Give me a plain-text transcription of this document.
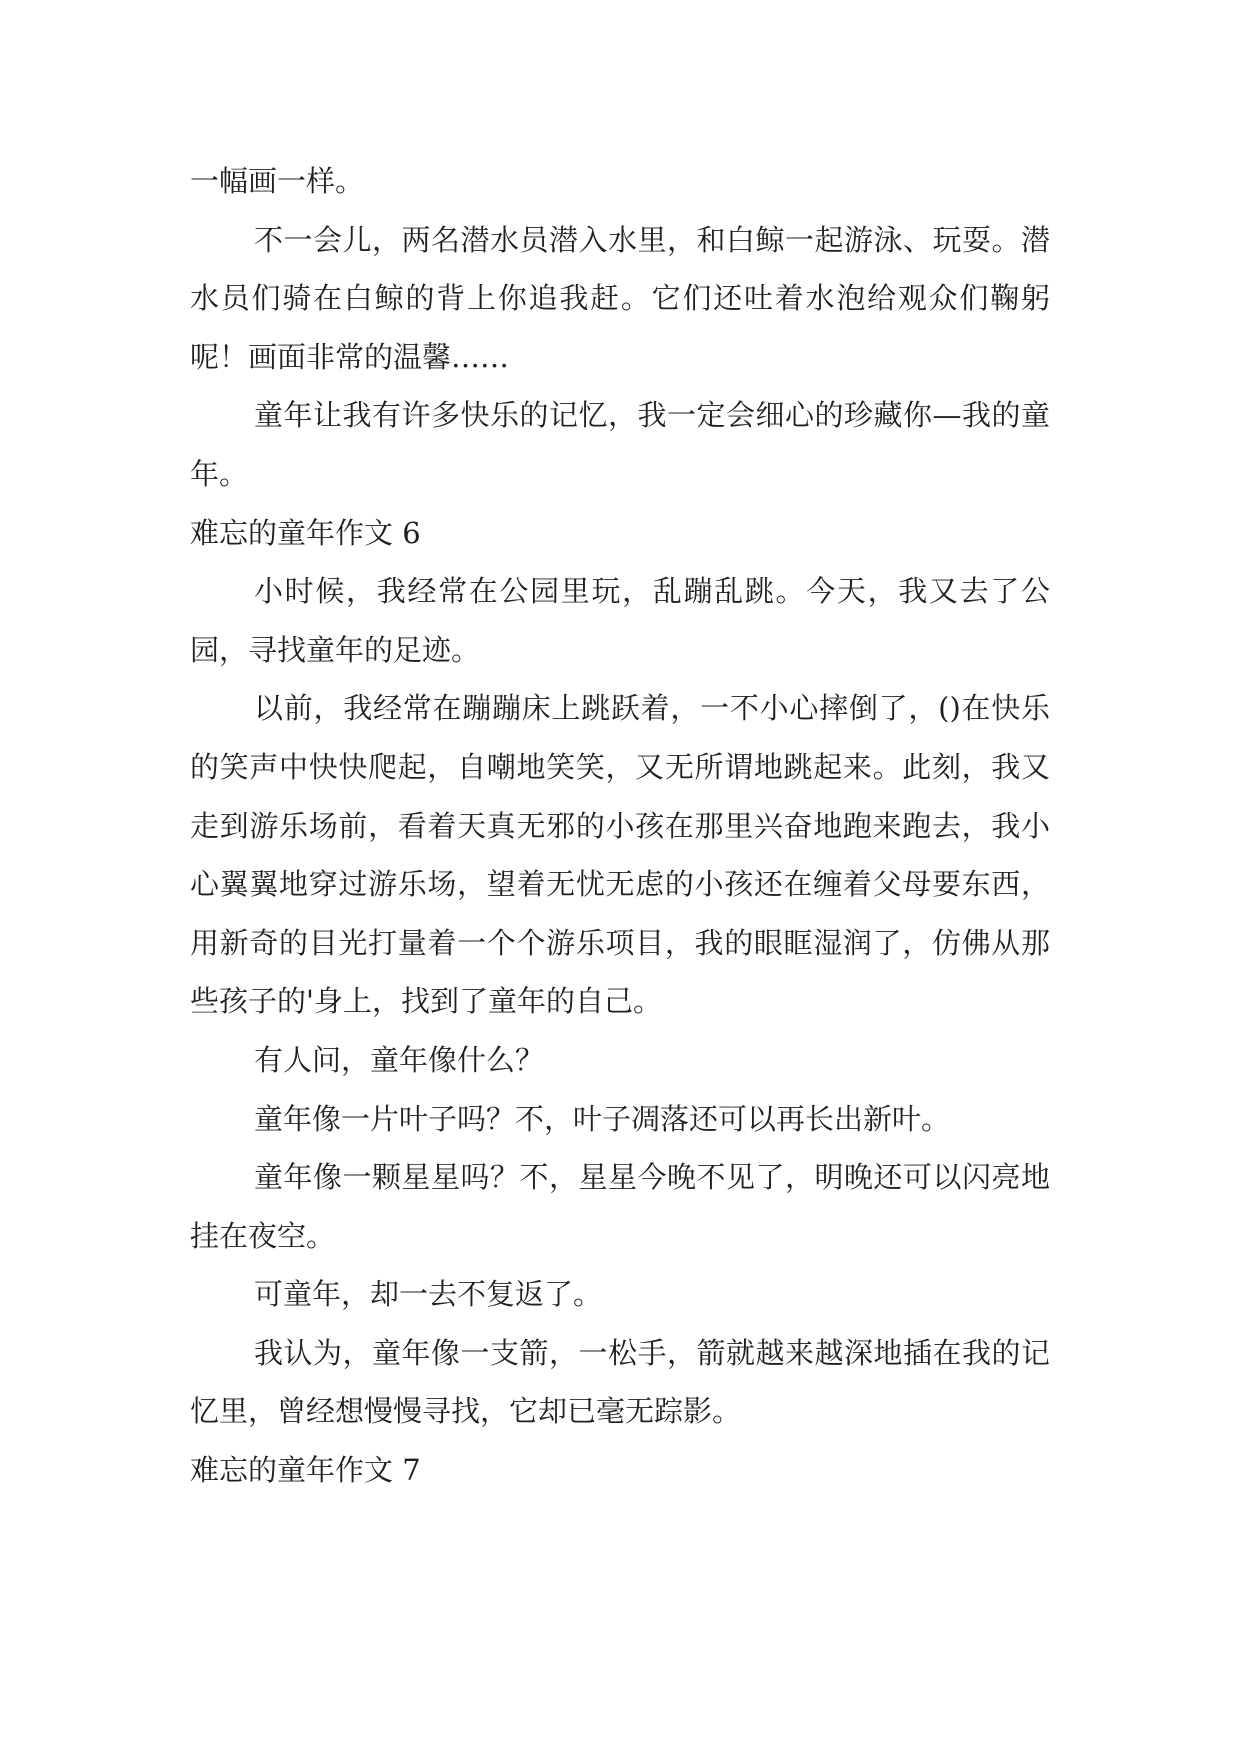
一幅画一样。

不一会儿，两名潜水员潜入水里，和白鲸一起游泳、玩耍。潜水员们骑在白鲸的背上你追我赶。它们还吐着水泡给观众们鞠躬呢！画面非常的温馨……

童年让我有许多快乐的记忆，我一定会细心的珍藏你—我的童年。

难忘的童年作文 6

小时候，我经常在公园里玩，乱蹦乱跳。今天，我又去了公园，寻找童年的足迹。

以前，我经常在蹦蹦床上跳跃着，一不小心摔倒了，()在快乐的笑声中快快爬起，自嘲地笑笑，又无所谓地跳起来。此刻，我又走到游乐场前，看着天真无邪的小孩在那里兴奋地跑来跑去，我小心翼翼地穿过游乐场，望着无忧无虑的小孩还在缠着父母要东西，用新奇的目光打量着一个个游乐项目，我的眼眶湿润了，仿佛从那些孩子的'身上，找到了童年的自己。

有人问，童年像什么？

童年像一片叶子吗？不，叶子凋落还可以再长出新叶。

童年像一颗星星吗？不，星星今晚不见了，明晚还可以闪亮地挂在夜空。

可童年，却一去不复返了。

我认为，童年像一支箭，一松手，箭就越来越深地插在我的记忆里，曾经想慢慢寻找，它却已毫无踪影。

难忘的童年作文 7
